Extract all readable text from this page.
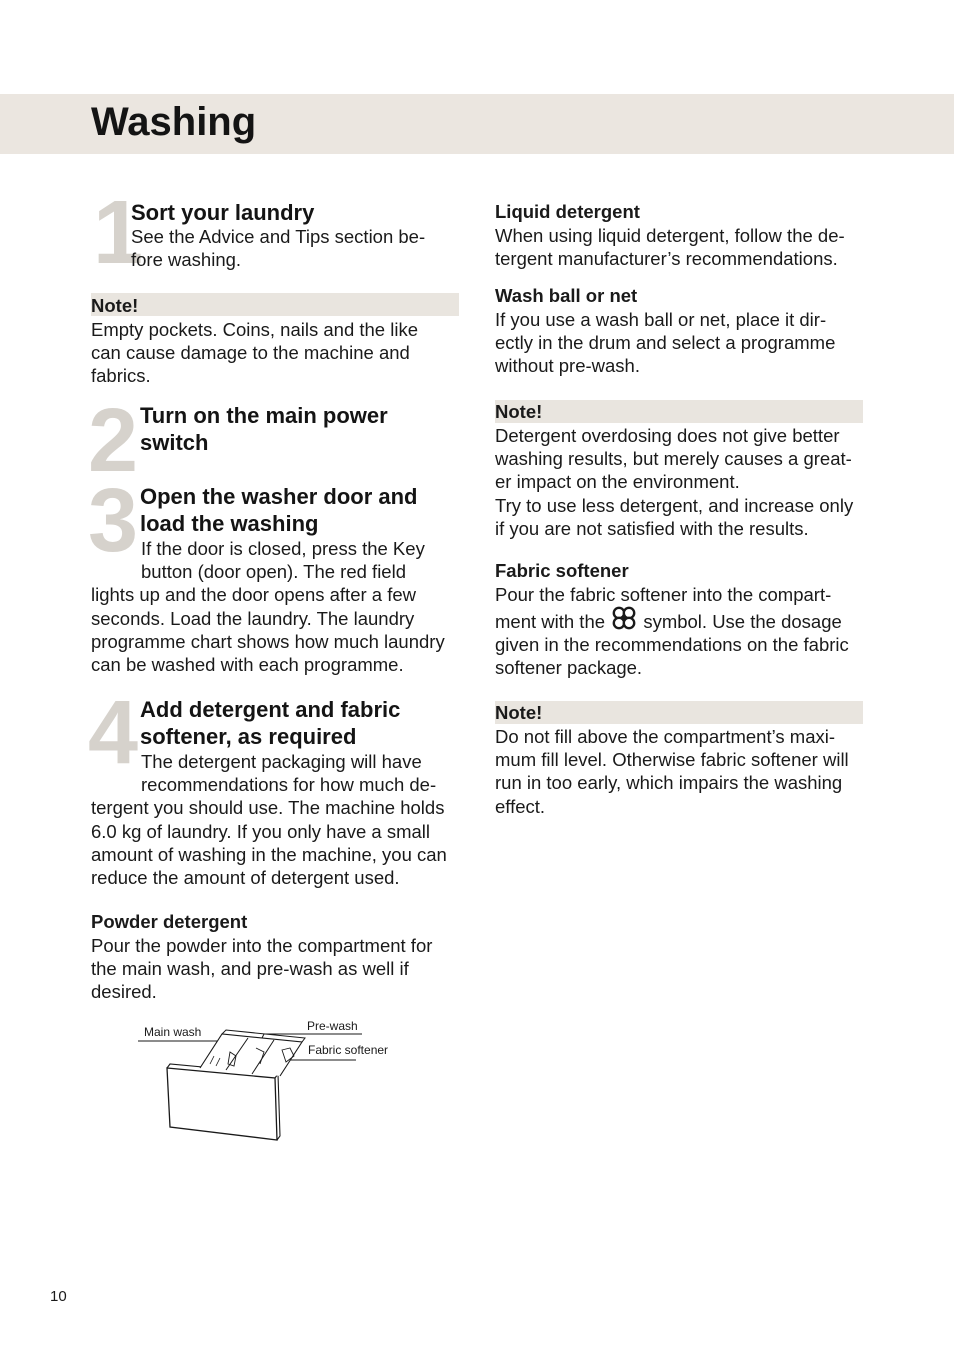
Washing
1
Sort your laundry
See the Advice and Tips section be-
fore washing.
Note!
Empty pockets. Coins, nails and the like can cause damage to the machine and fabrics.
2 Turn on the main power
switch
3 Open the washer door and
load the washing
If the door is closed, press the Key
button (door open). The red field
lights up and the door opens after a few seconds. Load the laundry. The laundry programme chart shows how much laundry can be washed with each programme.
4 Add detergent and fabric
softener, as required
The detergent packaging will have
recommendations for how much de-
tergent you should use. The machine holds 6.0 kg of laundry. If you only have a small amount of washing in the machine, you can reduce the amount of detergent used.
Powder detergent
Pour the powder into the compartment for the main wash, and pre-wash as well if desired.
Main wash	Pre-wash
Fabric softener
Liquid detergent
When using liquid detergent, follow the de-
tergent manufacturer’s recommendations.
Wash ball or net
If you use a wash ball or net, place it dir-
ectly in the drum and select a programme
without pre-wash.
Note!
Detergent overdosing does not give better
washing results, but merely causes a great-
er impact on the environment.
Try to use less detergent, and increase only
if you are not satisfied with the results.
Fabric softener
Pour the fabric softener into the compart-
ment with the symbol. Use the dosage
given in the recommendations on the fabric
softener package.
Note!
Do not fill above the compartment’s maxi-mum fill level. Otherwise fabric softener will run in too early, which impairs the washing effect.
10
